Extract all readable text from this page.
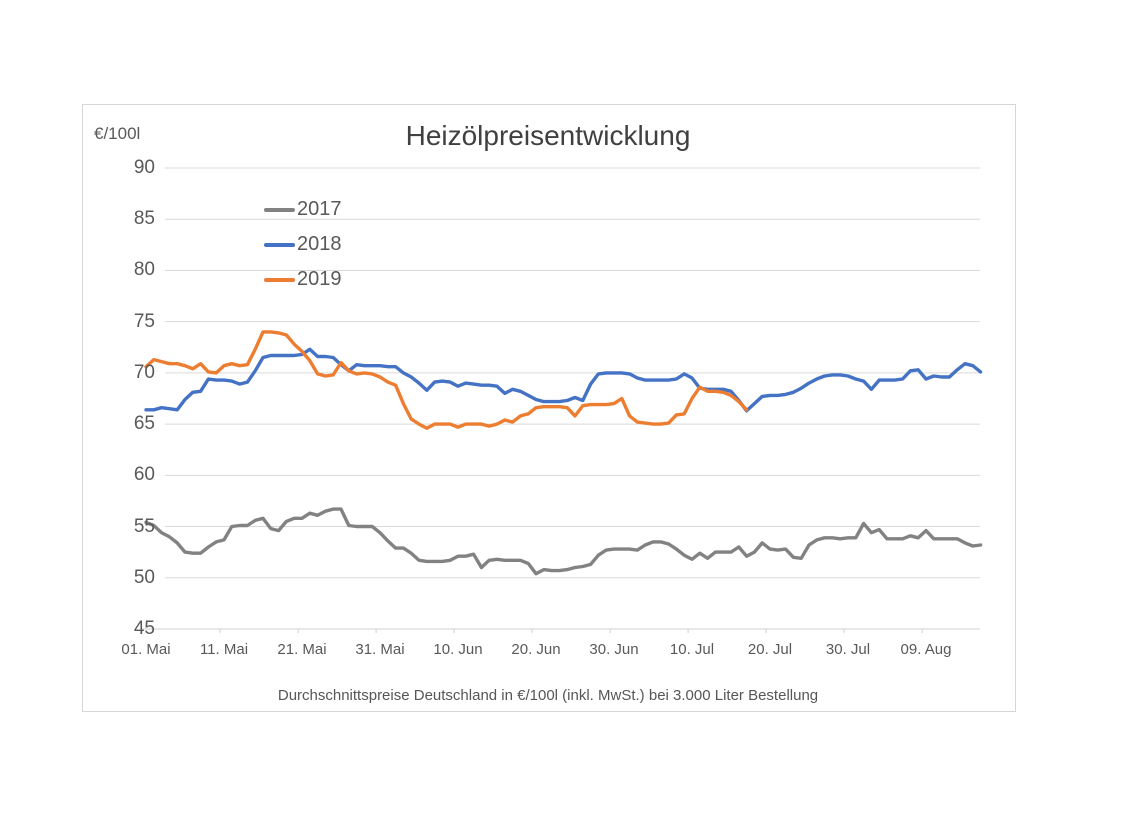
Heizölpreisentwicklung
€/100l
2017
2018
2019
90
85
80
75
70
65
60
55
50
45
01. Mai	11. Mai	21. Mai	31. Mai	10. Jun	20. Jun	30. Jun	10. Jul	20. Jul	30. Jul	09. Aug
Durchschnittspreise Deutschland in €/100l (inkl. MwSt.) bei 3.000 Liter Bestellung
